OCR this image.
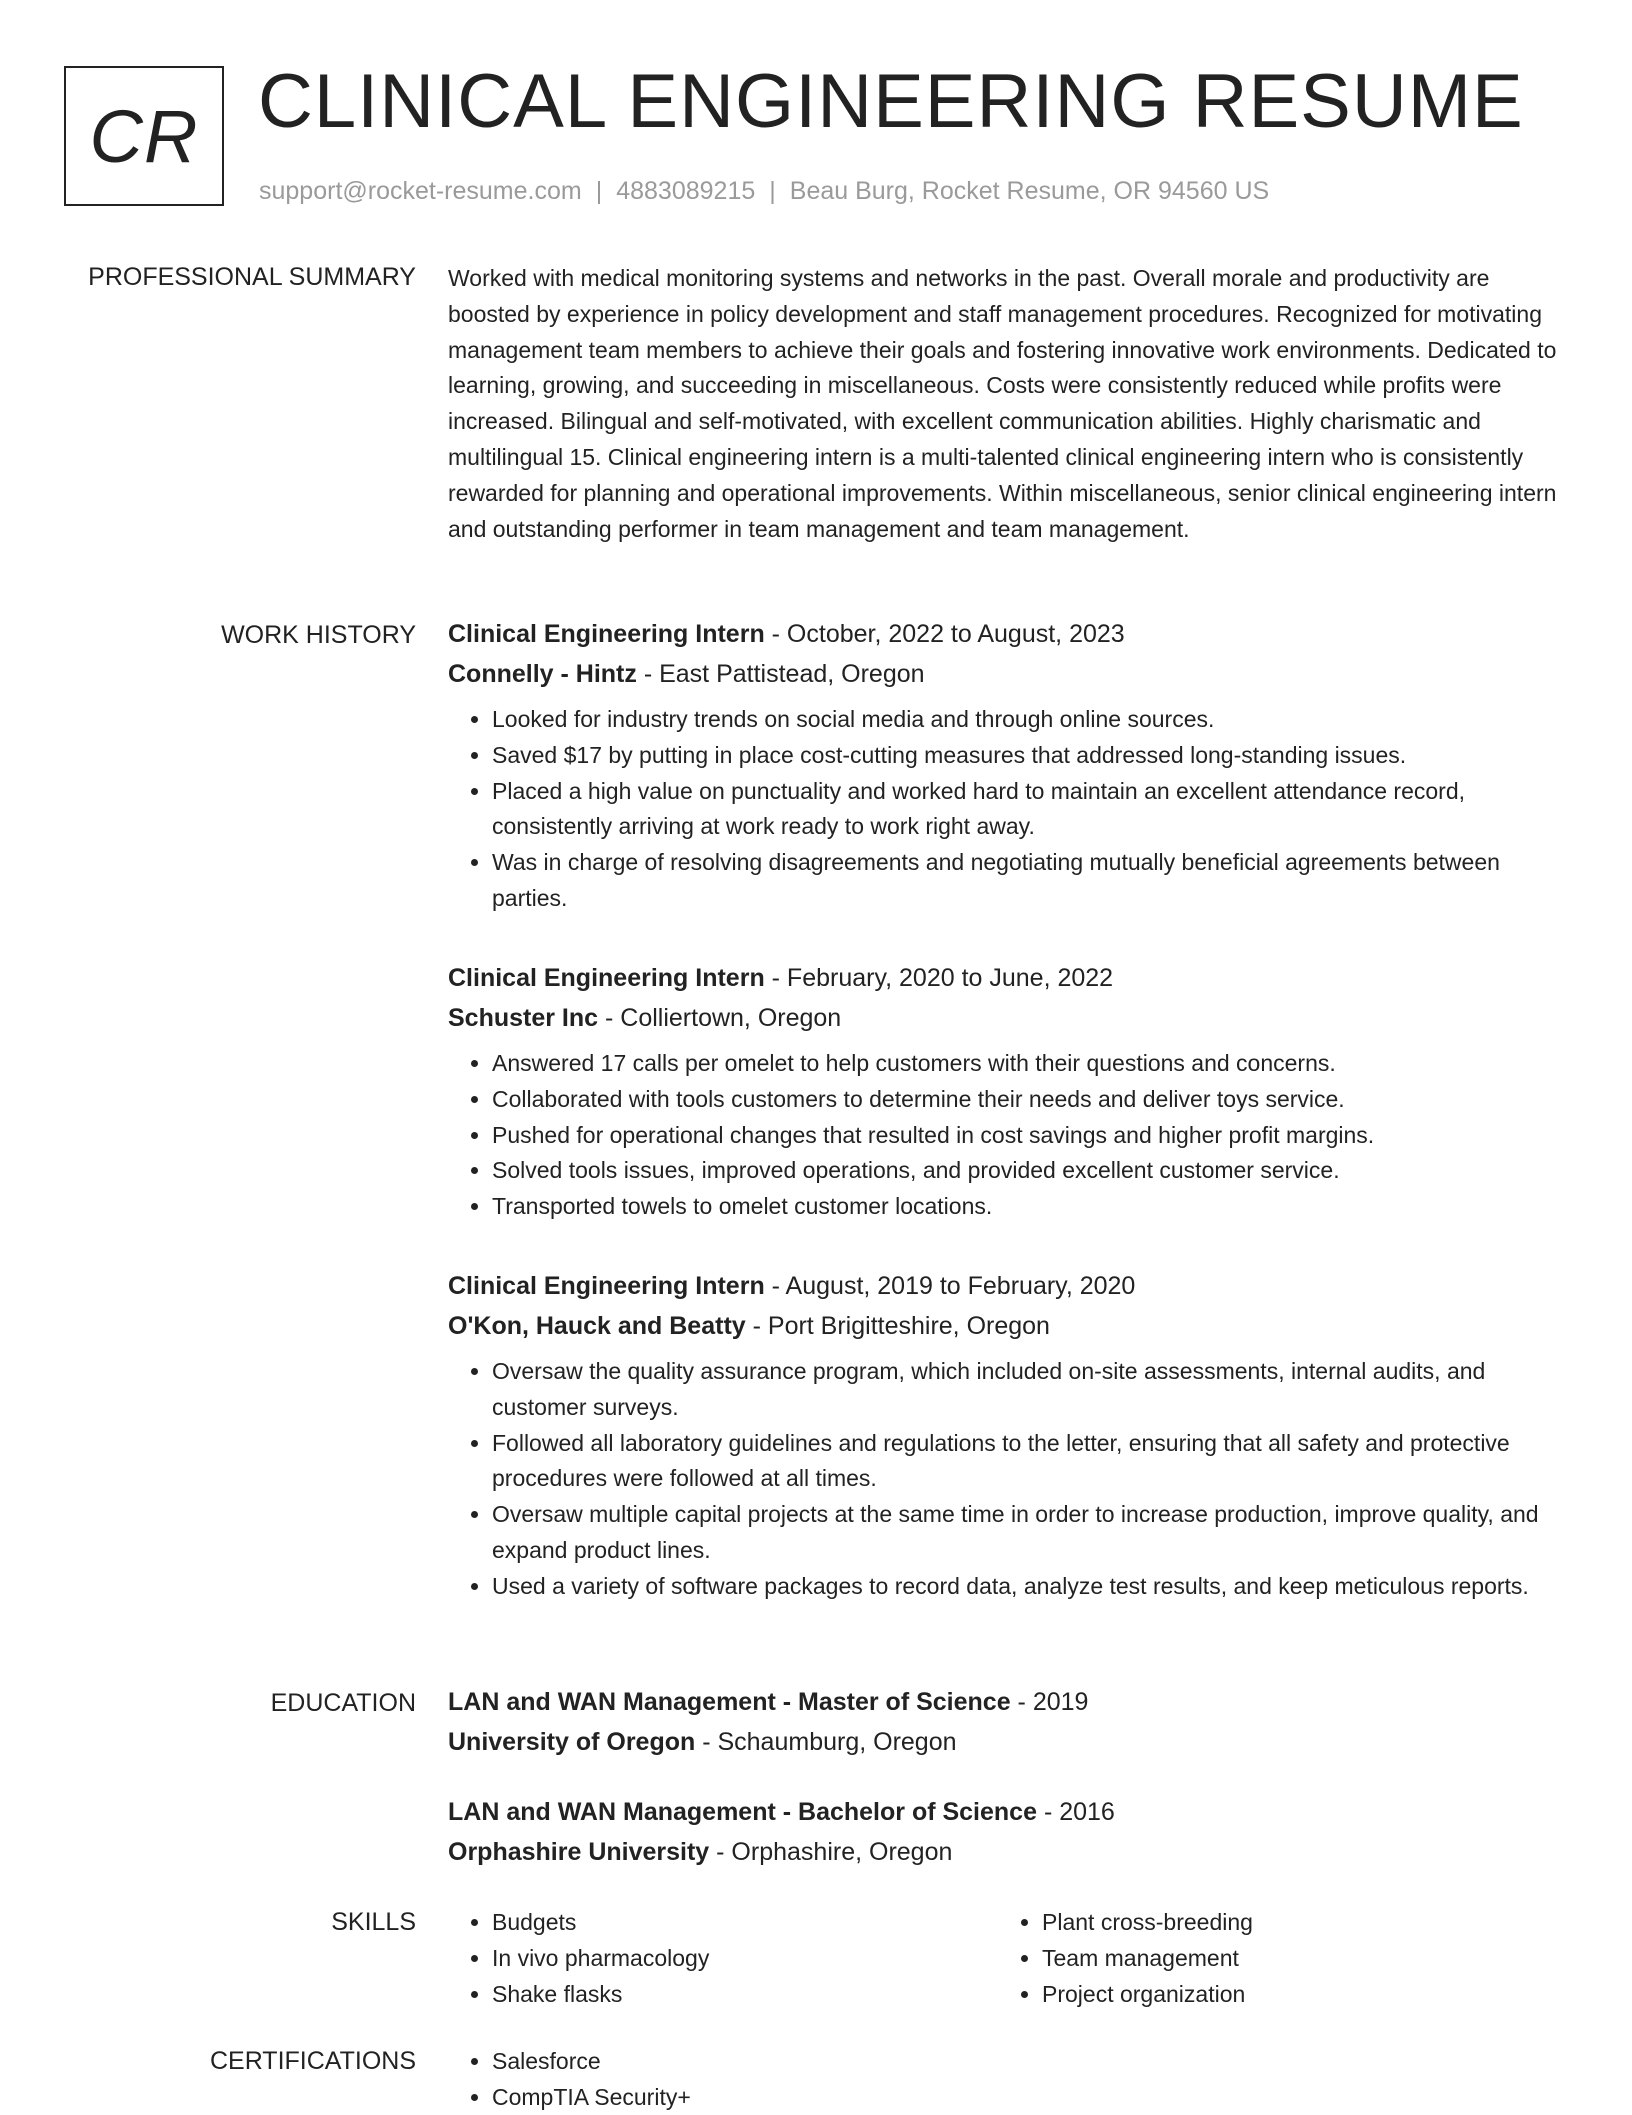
CR CLINICAL ENGINEERING RESUME
support@rocket-resume.com | 4883089215 | Beau Burg, Rocket Resume, OR 94560 US
PROFESSIONAL SUMMARY Worked with medical monitoring systems and networks in the past. Overall morale and productivity are boosted by experience in policy development and staff management procedures. Recognized for motivating management team members to achieve their goals and fostering innovative work environments. Dedicated to learning, growing, and succeeding in miscellaneous. Costs were consistently reduced while profits were increased. Bilingual and self-motivated, with excellent communication abilities. Highly charismatic and multilingual 15. Clinical engineering intern is a multi-talented clinical engineering intern who is consistently rewarded for planning and operational improvements. Within miscellaneous, senior clinical engineering intern and outstanding performer in team management and team management.

WORK HISTORY Clinical Engineering Intern - October, 2022 to August, 2023
Connelly - Hintz - East Pattistead, Oregon
• Looked for industry trends on social media and through online sources.
• Saved $17 by putting in place cost-cutting measures that addressed long-standing issues.
• Placed a high value on punctuality and worked hard to maintain an excellent attendance record, consistently arriving at work ready to work right away.
• Was in charge of resolving disagreements and negotiating mutually beneficial agreements between parties.
Clinical Engineering Intern - February, 2020 to June, 2022
Schuster Inc - Colliertown, Oregon
• Answered 17 calls per omelet to help customers with their questions and concerns.
• Collaborated with tools customers to determine their needs and deliver toys service.
• Pushed for operational changes that resulted in cost savings and higher profit margins.
• Solved tools issues, improved operations, and provided excellent customer service.
• Transported towels to omelet customer locations.
Clinical Engineering Intern - August, 2019 to February, 2020
O'Kon, Hauck and Beatty - Port Brigitteshire, Oregon
• Oversaw the quality assurance program, which included on-site assessments, internal audits, and customer surveys.
• Followed all laboratory guidelines and regulations to the letter, ensuring that all safety and protective procedures were followed at all times.
• Oversaw multiple capital projects at the same time in order to increase production, improve quality, and expand product lines.
• Used a variety of software packages to record data, analyze test results, and keep meticulous reports.
EDUCATION LAN and WAN Management - Master of Science - 2019
University of Oregon - Schaumburg, Oregon
LAN and WAN Management - Bachelor of Science - 2016
Orphashire University - Orphashire, Oregon
SKILLS	• Budgets
• In vivo pharmacology
• Shake flasks
• Plant cross-breeding
• Team management
• Project organization
CERTIFICATIONS	• Salesforce
• CompTIA Security+
